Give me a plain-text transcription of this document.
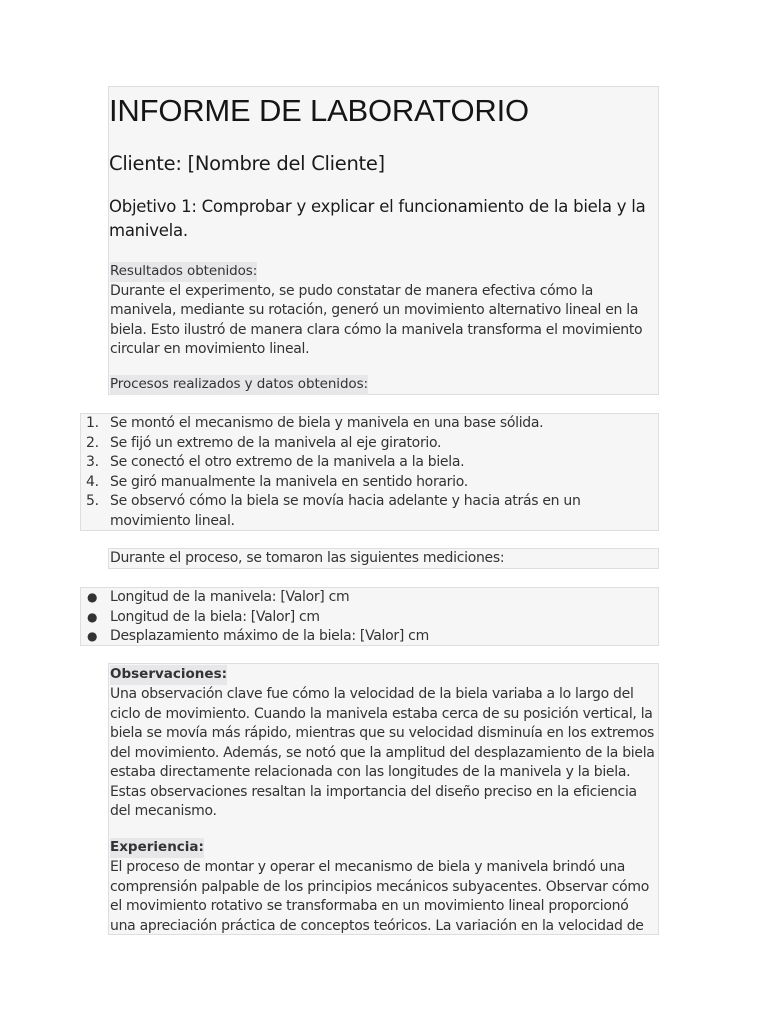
INFORME DE LABORATORIO
Cliente: [Nombre del Cliente]
Objetivo 1: Comprobar y explicar el funcionamiento de la biela y la manivela.
Resultados obtenidos:

Durante el experimento, se pudo constatar de manera efectiva cómo la manivela, mediante su rotación, generó un movimiento alternativo lineal en la biela. Esto ilustró de manera clara cómo la manivela transforma el movimiento circular en movimiento lineal.

Procesos realizados y datos obtenidos:
1. Se montó el mecanismo de biela y manivela en una base sólida.
2. Se fijó un extremo de la manivela al eje giratorio.
3. Se conectó el otro extremo de la manivela a la biela.
4. Se giró manualmente la manivela en sentido horario.
5. Se observó cómo la biela se movía hacia adelante y hacia atrás en un movimiento lineal.
Durante el proceso, se tomaron las siguientes mediciones:
● Longitud de la manivela: [Valor] cm
● Longitud de la biela: [Valor] cm
● Desplazamiento máximo de la biela: [Valor] cm
Observaciones:

Una observación clave fue cómo la velocidad de la biela variaba a lo largo del ciclo de movimiento. Cuando la manivela estaba cerca de su posición vertical, la biela se movía más rápido, mientras que su velocidad disminuía en los extremos del movimiento. Además, se notó que la amplitud del desplazamiento de la biela estaba directamente relacionada con las longitudes de la manivela y la biela. Estas observaciones resaltan la importancia del diseño preciso en la eficiencia del mecanismo.

Experiencia:

El proceso de montar y operar el mecanismo de biela y manivela brindó una comprensión palpable de los principios mecánicos subyacentes. Observar cómo el movimiento rotativo se transformaba en un movimiento lineal proporcionó una apreciación práctica de conceptos teóricos. La variación en la velocidad de
